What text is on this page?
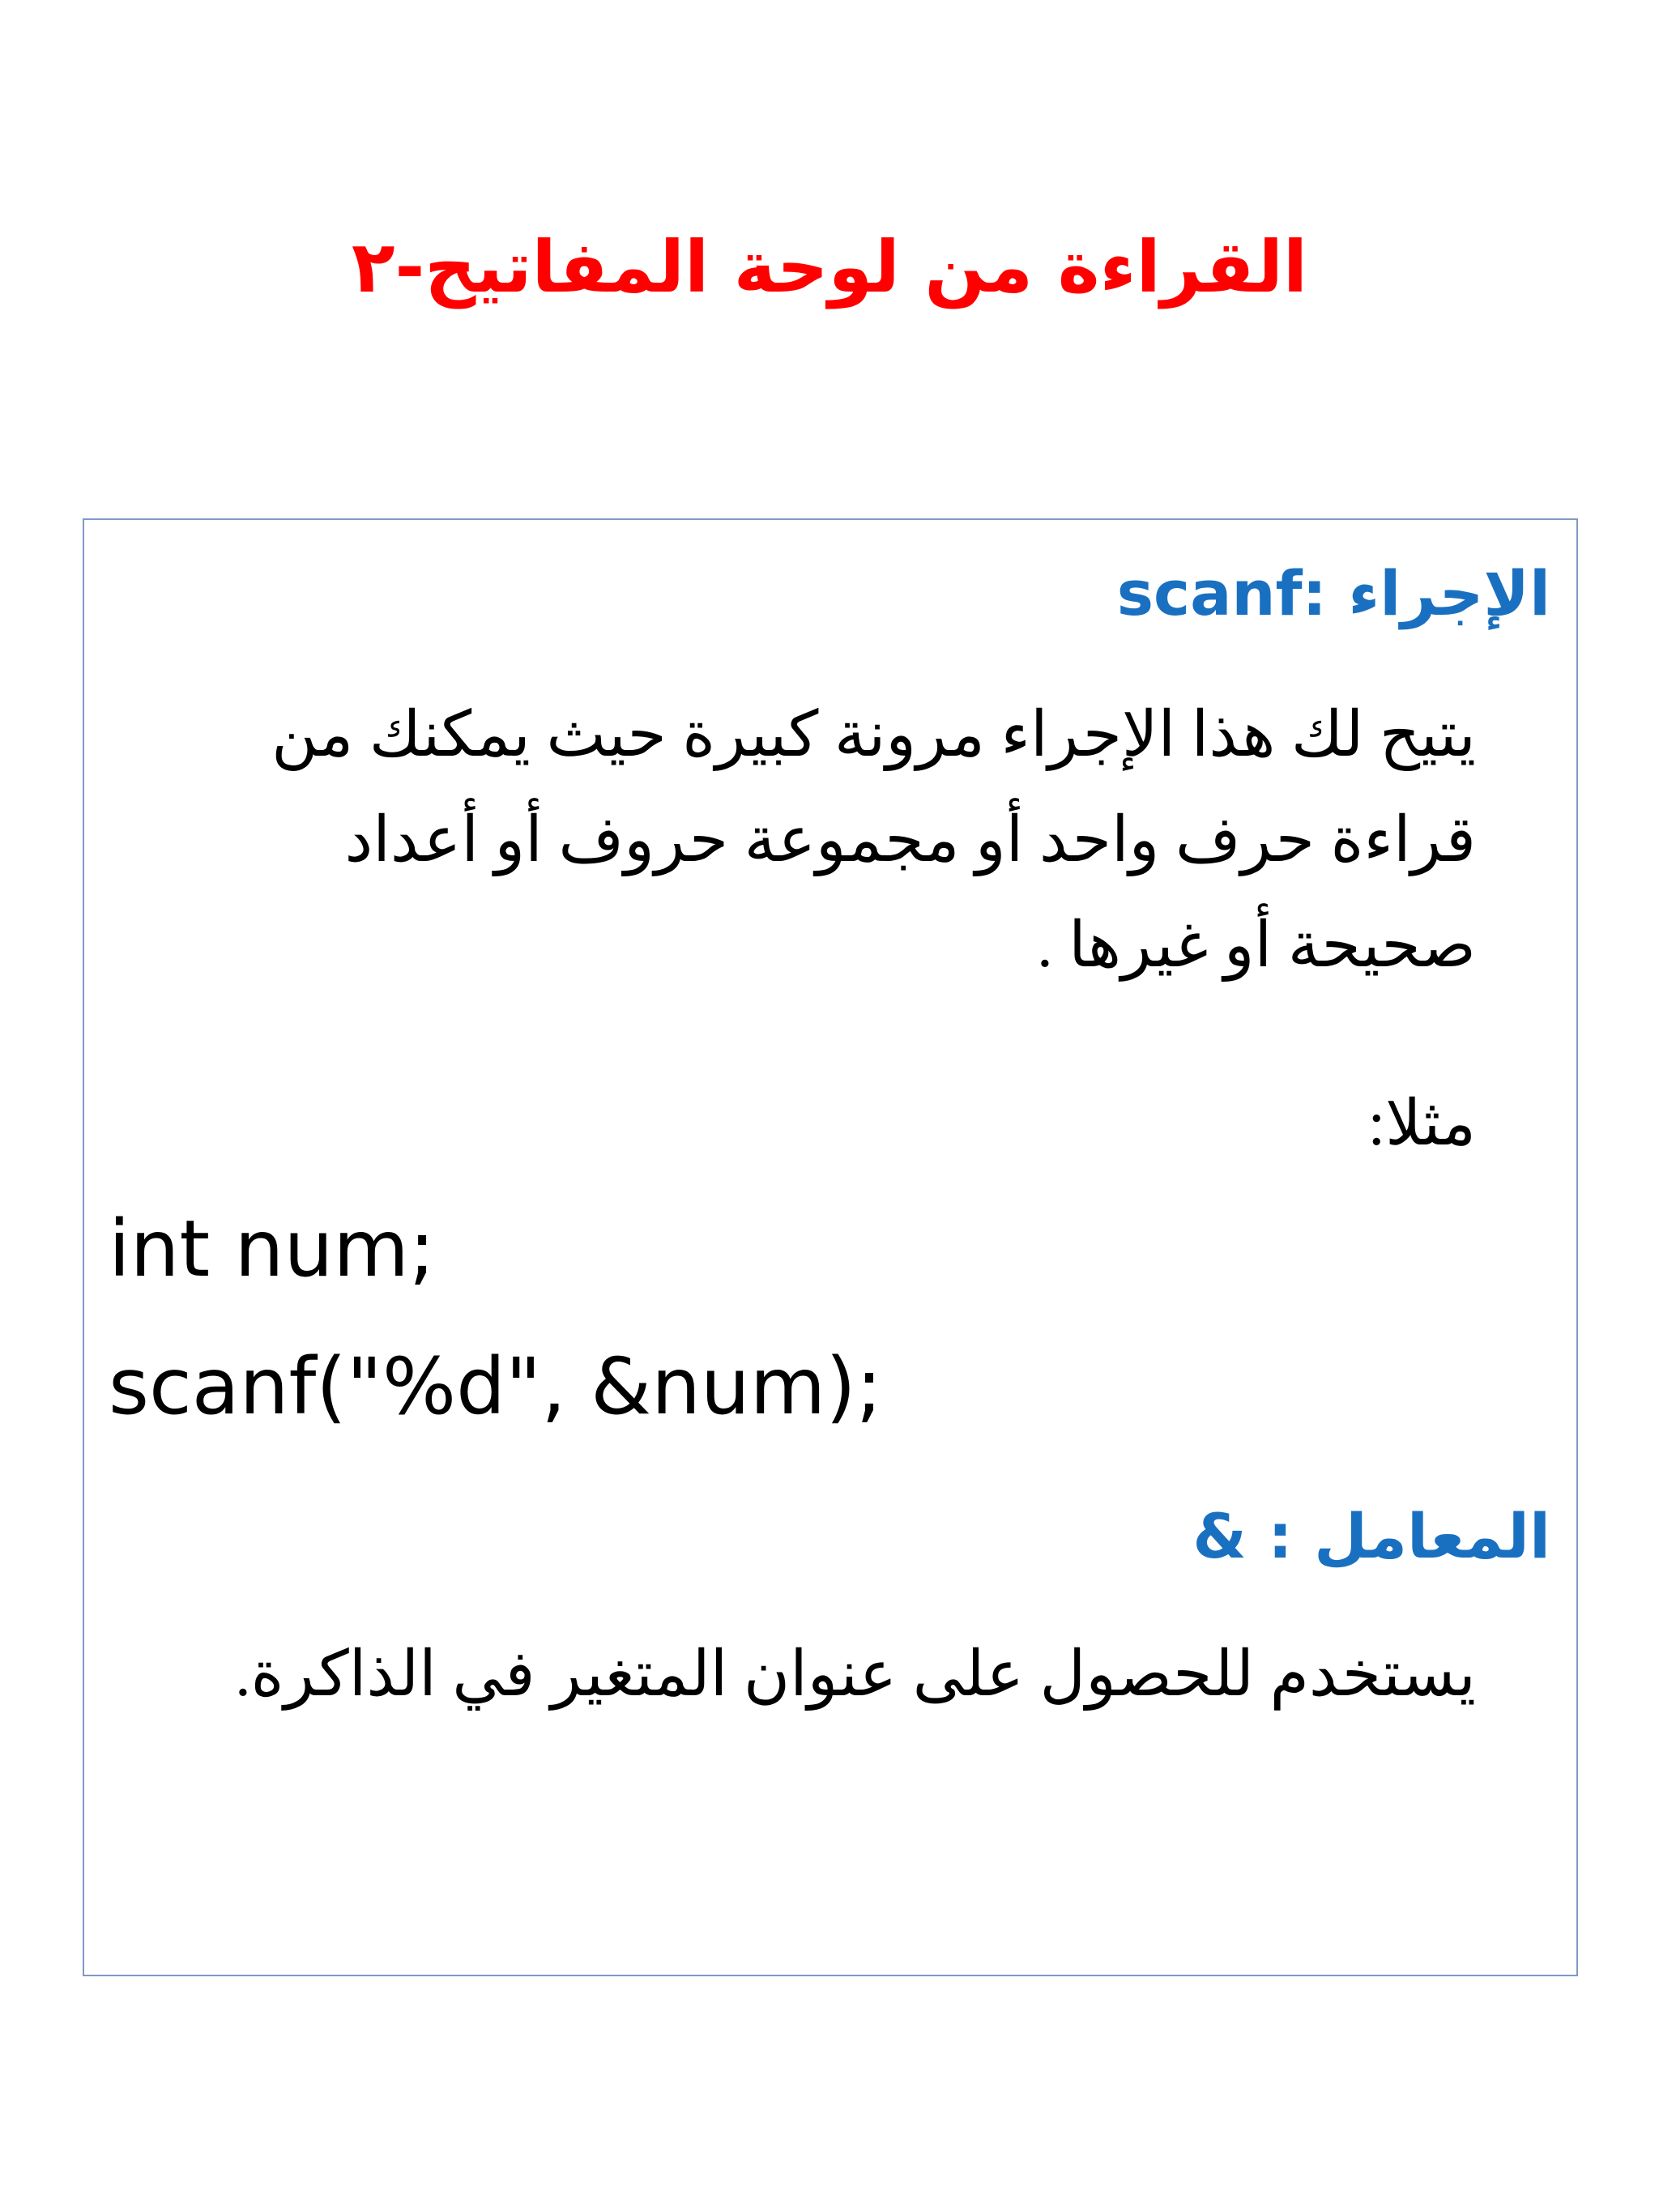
القراءة من لوحة المفاتيح-٢
الإجراء scanf:

يتيح لك هذا الإجراء مرونة كبيرة حيث يمكنك من قراءة حرف واحد أو مجموعة حروف أو أعداد صحيحة أو غيرها .

مثلا:

int num;

scanf("%d", &num);

المعامل & :

يستخدم للحصول على عنوان المتغير في الذاكرة.
